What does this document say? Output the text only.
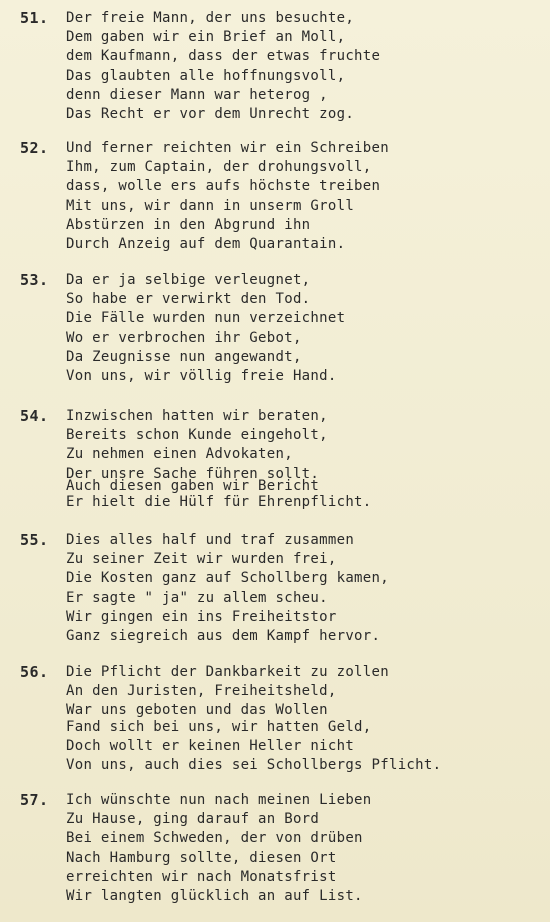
51. Der freie Mann, der uns besuchte,
Dem gaben wir ein Brief an Moll,
dem Kaufmann, dass der etwas fruchte
Das glaubten alle hoffnungsvoll,
denn dieser Mann war heterog ,
Das Recht er vor dem Unrecht zog.
52. Und ferner reichten wir ein Schreiben
Ihm, zum Captain, der drohungsvoll,
dass, wolle ers aufs höchste treiben
Mit uns, wir dann in unserm Groll
Abstürzen in den Abgrund ihn
Durch Anzeig auf dem Quarantain.
53. Da er ja selbige verleugnet,
So habe er verwirkt den Tod.
Die Fälle wurden nun verzeichnet
Wo er verbrochen ihr Gebot,
Da Zeugnisse nun angewandt,
Von uns, wir völlig freie Hand.
54. Inzwischen hatten wir beraten,
Bereits schon Kunde eingeholt,
Zu nehmen einen Advokaten,
Der unsre Sache führen sollt.
Auch diesen gaben wir Bericht
Er hielt die Hülf für Ehrenpflicht.
55. Dies alles half und traf zusammen
Zu seiner Zeit wir wurden frei,
Die Kosten ganz auf Schollberg kamen,
Er sagte " ja" zu allem scheu.
Wir gingen ein ins Freiheitstor
Ganz siegreich aus dem Kampf hervor.
56. Die Pflicht der Dankbarkeit zu zollen
An den Juristen, Freiheitsheld,
War uns geboten und das Wollen
Fand sich bei uns, wir hatten Geld,
Doch wollt er keinen Heller nicht
Von uns, auch dies sei Schollbergs Pflicht.
57. Ich wünschte nun nach meinen Lieben
Zu Hause, ging darauf an Bord
Bei einem Schweden, der von drüben
Nach Hamburg sollte, diesen Ort
erreichten wir nach Monatsfrist
Wir langten glücklich an auf List.
